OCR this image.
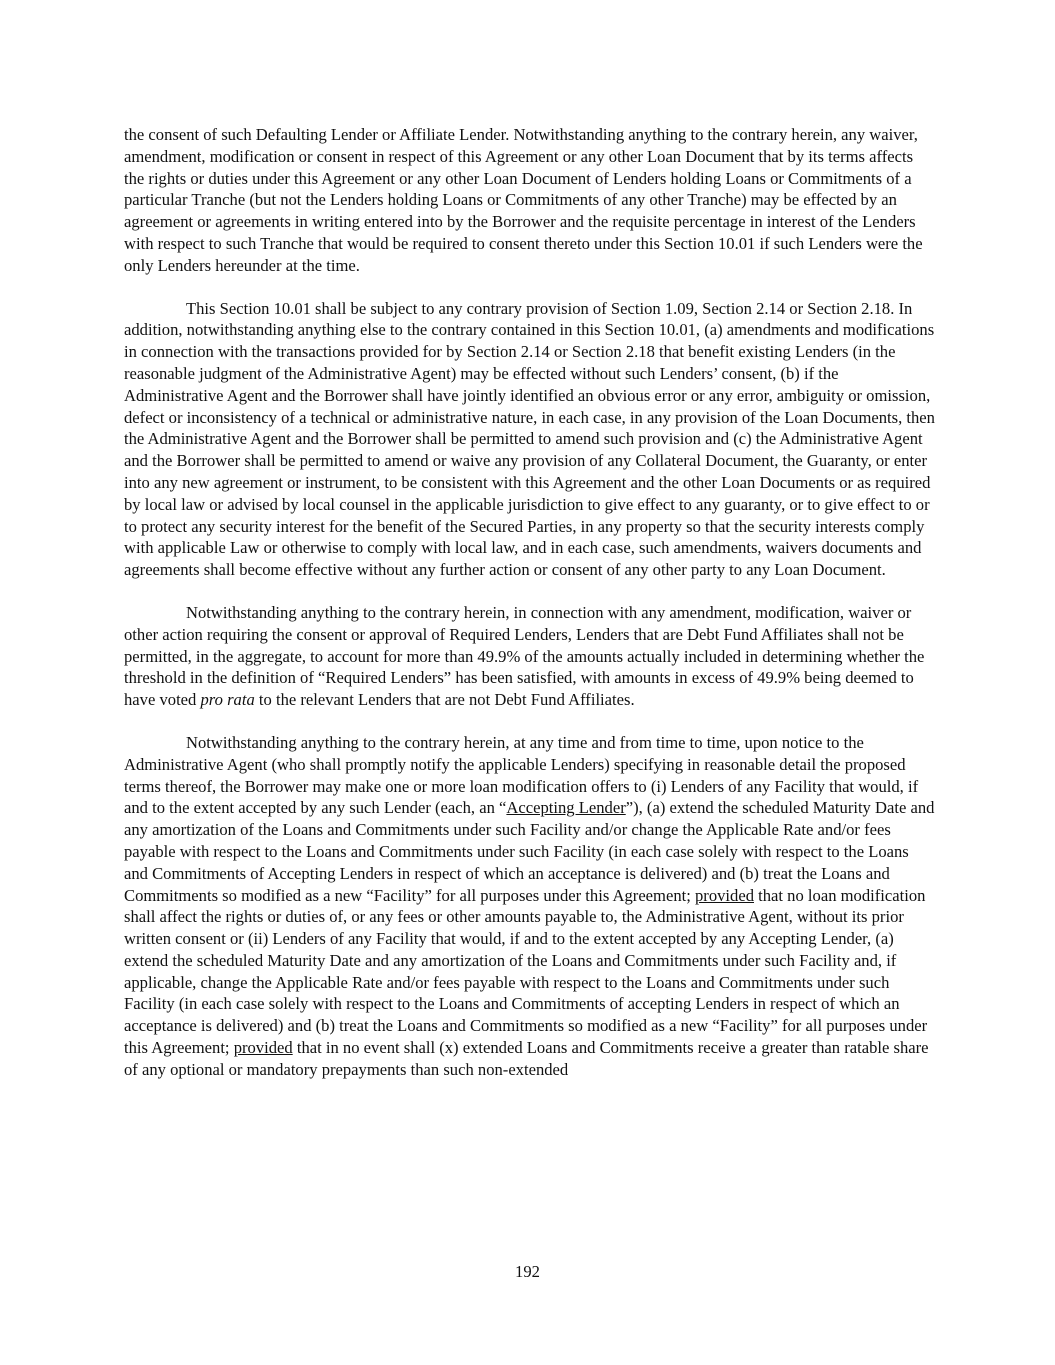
the consent of such Defaulting Lender or Affiliate Lender. Notwithstanding anything to the contrary herein, any waiver, amendment, modification or consent in respect of this Agreement or any other Loan Document that by its terms affects the rights or duties under this Agreement or any other Loan Document of Lenders holding Loans or Commitments of a particular Tranche (but not the Lenders holding Loans or Commitments of any other Tranche) may be effected by an agreement or agreements in writing entered into by the Borrower and the requisite percentage in interest of the Lenders with respect to such Tranche that would be required to consent thereto under this Section 10.01 if such Lenders were the only Lenders hereunder at the time.

This Section 10.01 shall be subject to any contrary provision of Section 1.09, Section 2.14 or Section 2.18. In addition, notwithstanding anything else to the contrary contained in this Section 10.01, (a) amendments and modifications in connection with the transactions provided for by Section 2.14 or Section 2.18 that benefit existing Lenders (in the reasonable judgment of the Administrative Agent) may be effected without such Lenders’ consent, (b) if the Administrative Agent and the Borrower shall have jointly identified an obvious error or any error, ambiguity or omission, defect or inconsistency of a technical or administrative nature, in each case, in any provision of the Loan Documents, then the Administrative Agent and the Borrower shall be permitted to amend such provision and (c) the Administrative Agent and the Borrower shall be permitted to amend or waive any provision of any Collateral Document, the Guaranty, or enter into any new agreement or instrument, to be consistent with this Agreement and the other Loan Documents or as required by local law or advised by local counsel in the applicable jurisdiction to give effect to any guaranty, or to give effect to or to protect any security interest for the benefit of the Secured Parties, in any property so that the security interests comply with applicable Law or otherwise to comply with local law, and in each case, such amendments, waivers documents and agreements shall become effective without any further action or consent of any other party to any Loan Document.

Notwithstanding anything to the contrary herein, in connection with any amendment, modification, waiver or other action requiring the consent or approval of Required Lenders, Lenders that are Debt Fund Affiliates shall not be permitted, in the aggregate, to account for more than 49.9% of the amounts actually included in determining whether the threshold in the definition of “Required Lenders” has been satisfied, with amounts in excess of 49.9% being deemed to have voted pro rata to the relevant Lenders that are not Debt Fund Affiliates.

Notwithstanding anything to the contrary herein, at any time and from time to time, upon notice to the Administrative Agent (who shall promptly notify the applicable Lenders) specifying in reasonable detail the proposed terms thereof, the Borrower may make one or more loan modification offers to (i) Lenders of any Facility that would, if and to the extent accepted by any such Lender (each, an “Accepting Lender”), (a) extend the scheduled Maturity Date and any amortization of the Loans and Commitments under such Facility and/or change the Applicable Rate and/or fees payable with respect to the Loans and Commitments under such Facility (in each case solely with respect to the Loans and Commitments of Accepting Lenders in respect of which an acceptance is delivered) and (b) treat the Loans and Commitments so modified as a new “Facility” for all purposes under this Agreement; provided that no loan modification shall affect the rights or duties of, or any fees or other amounts payable to, the Administrative Agent, without its prior written consent or (ii) Lenders of any Facility that would, if and to the extent accepted by any Accepting Lender, (a) extend the scheduled Maturity Date and any amortization of the Loans and Commitments under such Facility and, if applicable, change the Applicable Rate and/or fees payable with respect to the Loans and Commitments under such Facility (in each case solely with respect to the Loans and Commitments of accepting Lenders in respect of which an acceptance is delivered) and (b) treat the Loans and Commitments so modified as a new “Facility” for all purposes under this Agreement; provided that in no event shall (x) extended Loans and Commitments receive a greater than ratable share of any optional or mandatory prepayments than such non-extended

192
